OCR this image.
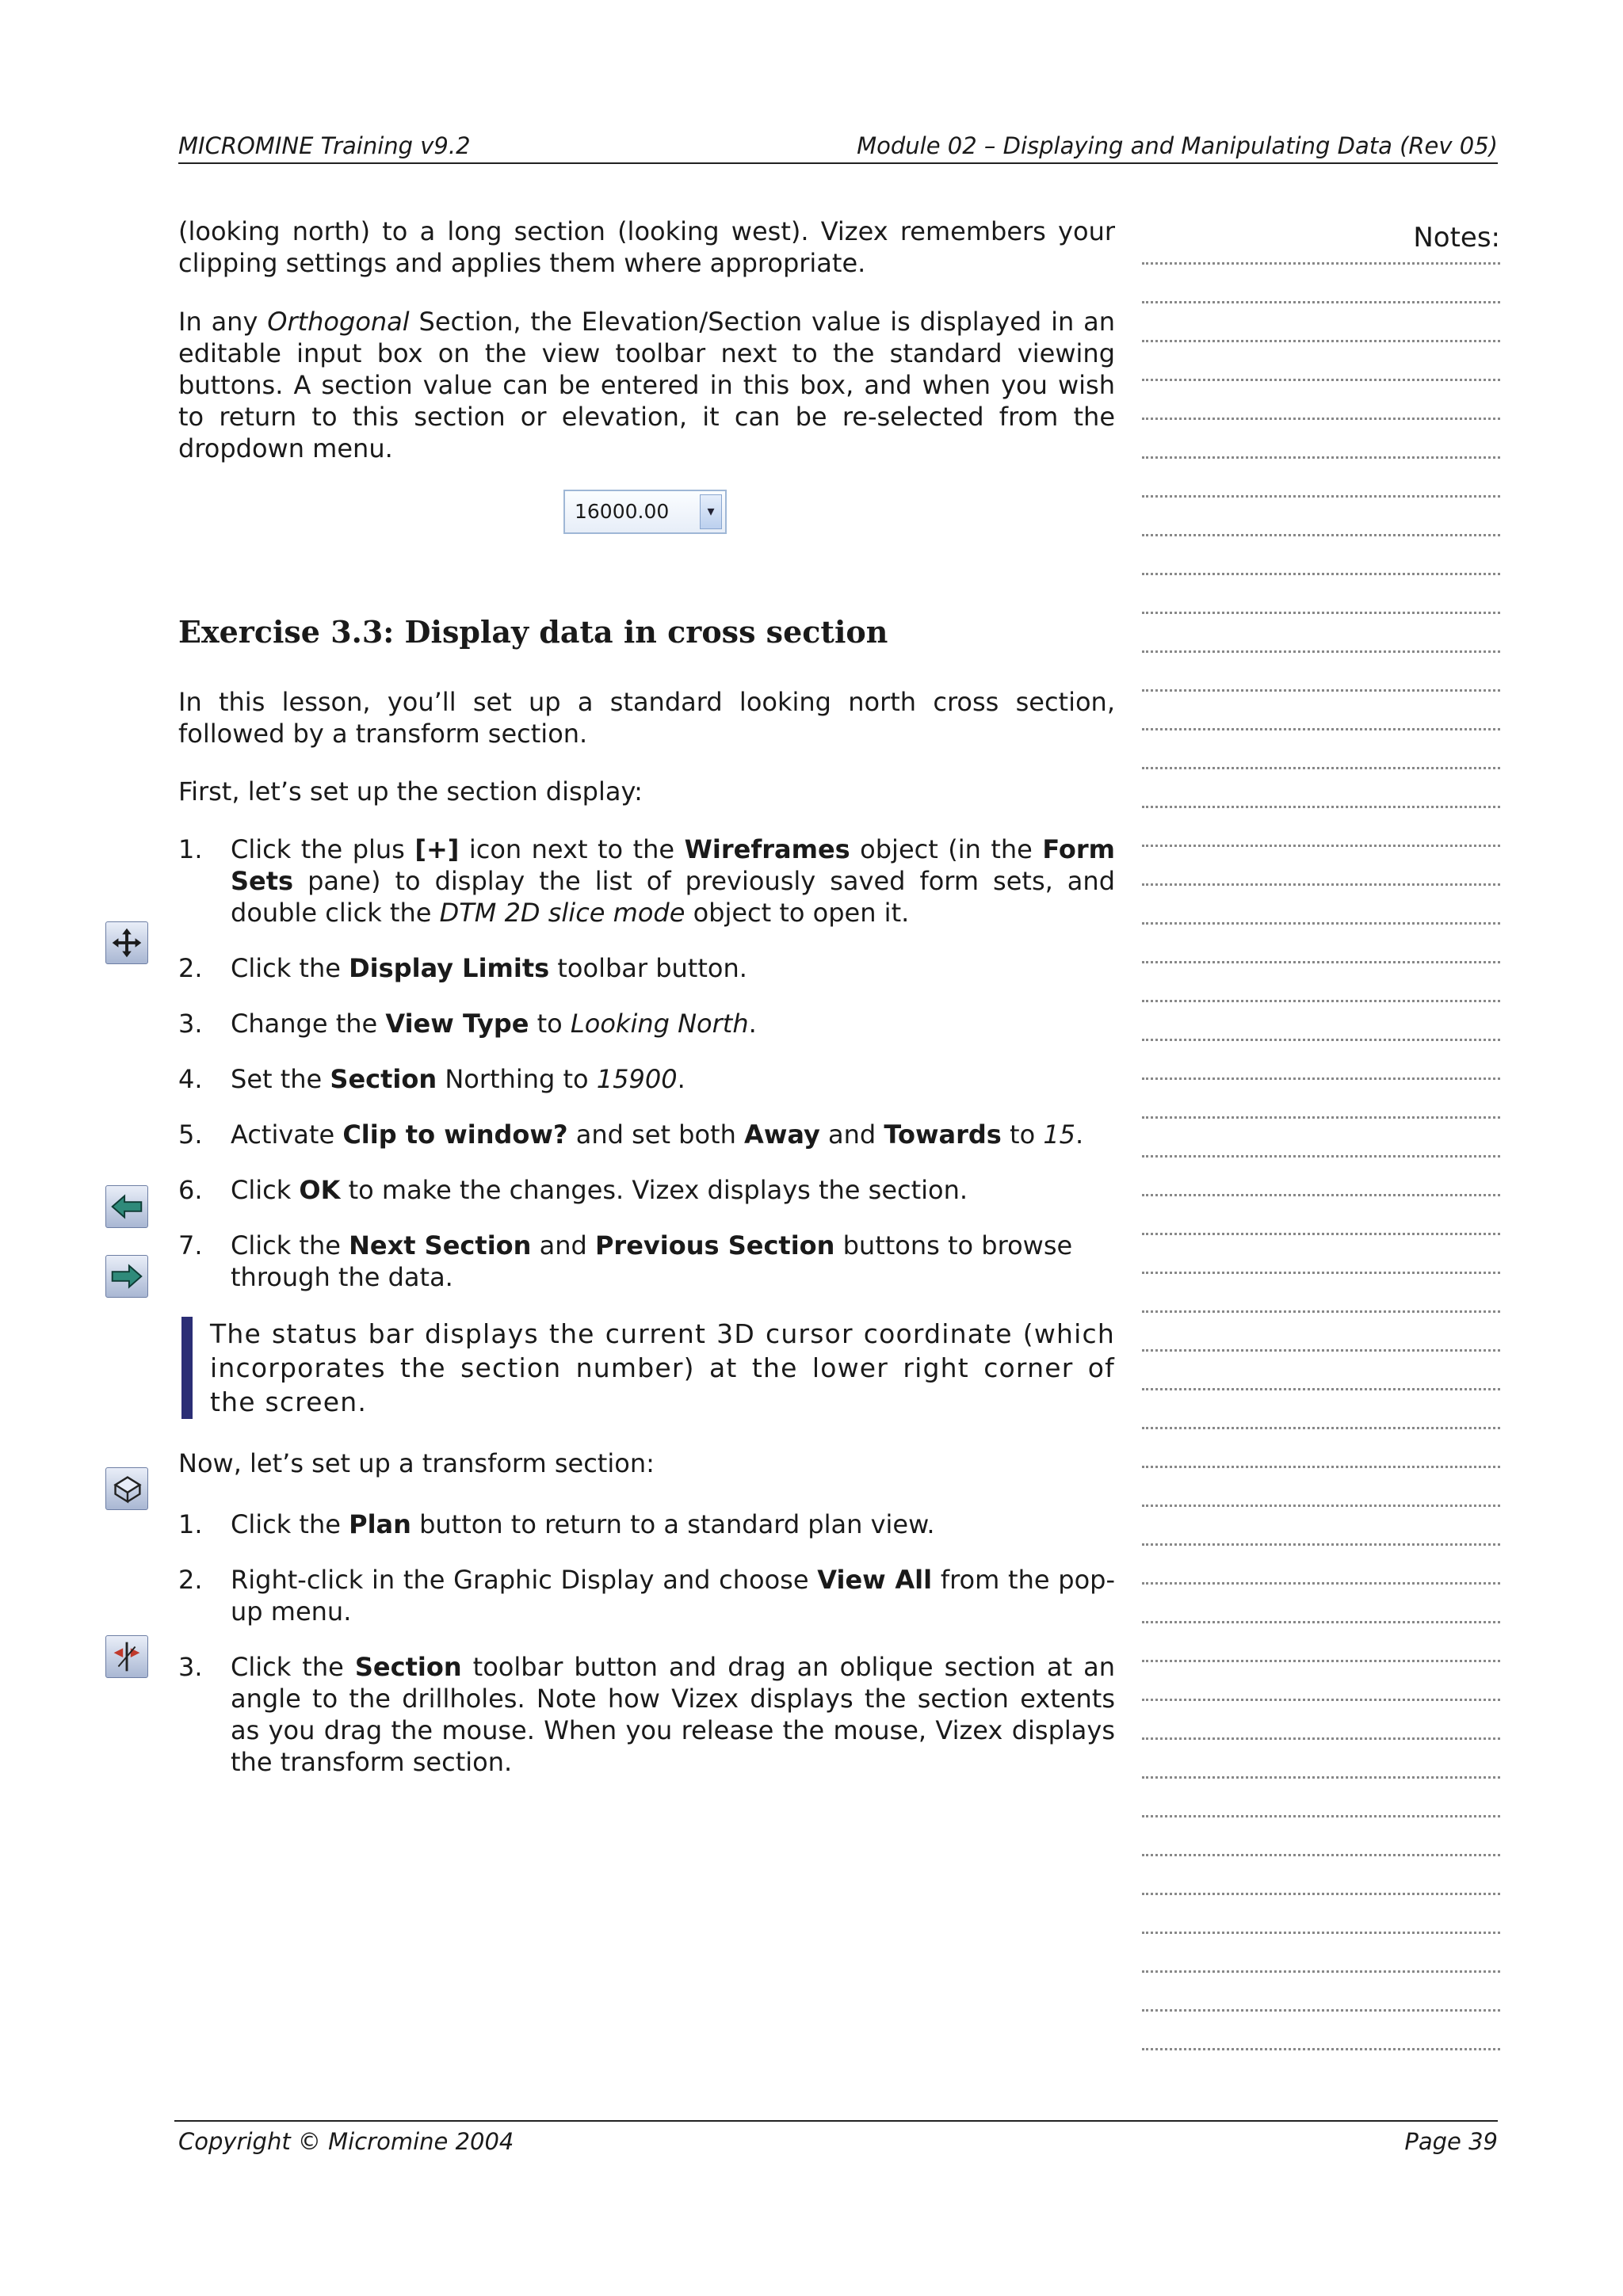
MICROMINE Training v9.2	Module 02 – Displaying and Manipulating Data (Rev 05)

(looking north) to a long section (looking west). Vizex remembers your clipping settings and applies them where appropriate.

In any Orthogonal Section, the Elevation/Section value is displayed in an editable input box on the view toolbar next to the standard viewing buttons. A section value can be entered in this box, and when you wish to return to this section or elevation, it can be re-selected from the dropdown menu.

16000.00	▾
Exercise 3.3: Display data in cross section

In this lesson, you’ll set up a standard looking north cross section, followed by a transform section.

First, let’s set up the section display:

1. Click the plus [+] icon next to the Wireframes object (in the Form Sets pane) to display the list of previously saved form sets, and double click the DTM 2D slice mode object to open it.
2. Click the Display Limits toolbar button.
3. Change the View Type to Looking North.
4. Set the Section Northing to 15900.
5. Activate Clip to window? and set both Away and Towards to 15.
6. Click OK to make the changes. Vizex displays the section.
7. Click the Next Section and Previous Section buttons to browse through the data.
The status bar displays the current 3D cursor coordinate (which incorporates the section number) at the lower right corner of the screen.

Now, let’s set up a transform section:

1. Click the Plan button to return to a standard plan view.
2. Right-click in the Graphic Display and choose View All from the pop-up menu.
3. Click the Section toolbar button and drag an oblique section at an angle to the drillholes. Note how Vizex displays the section extents as you drag the mouse. When you release the mouse, Vizex displays the transform section.
Notes:
Copyright © Micromine 2004	Page 39
